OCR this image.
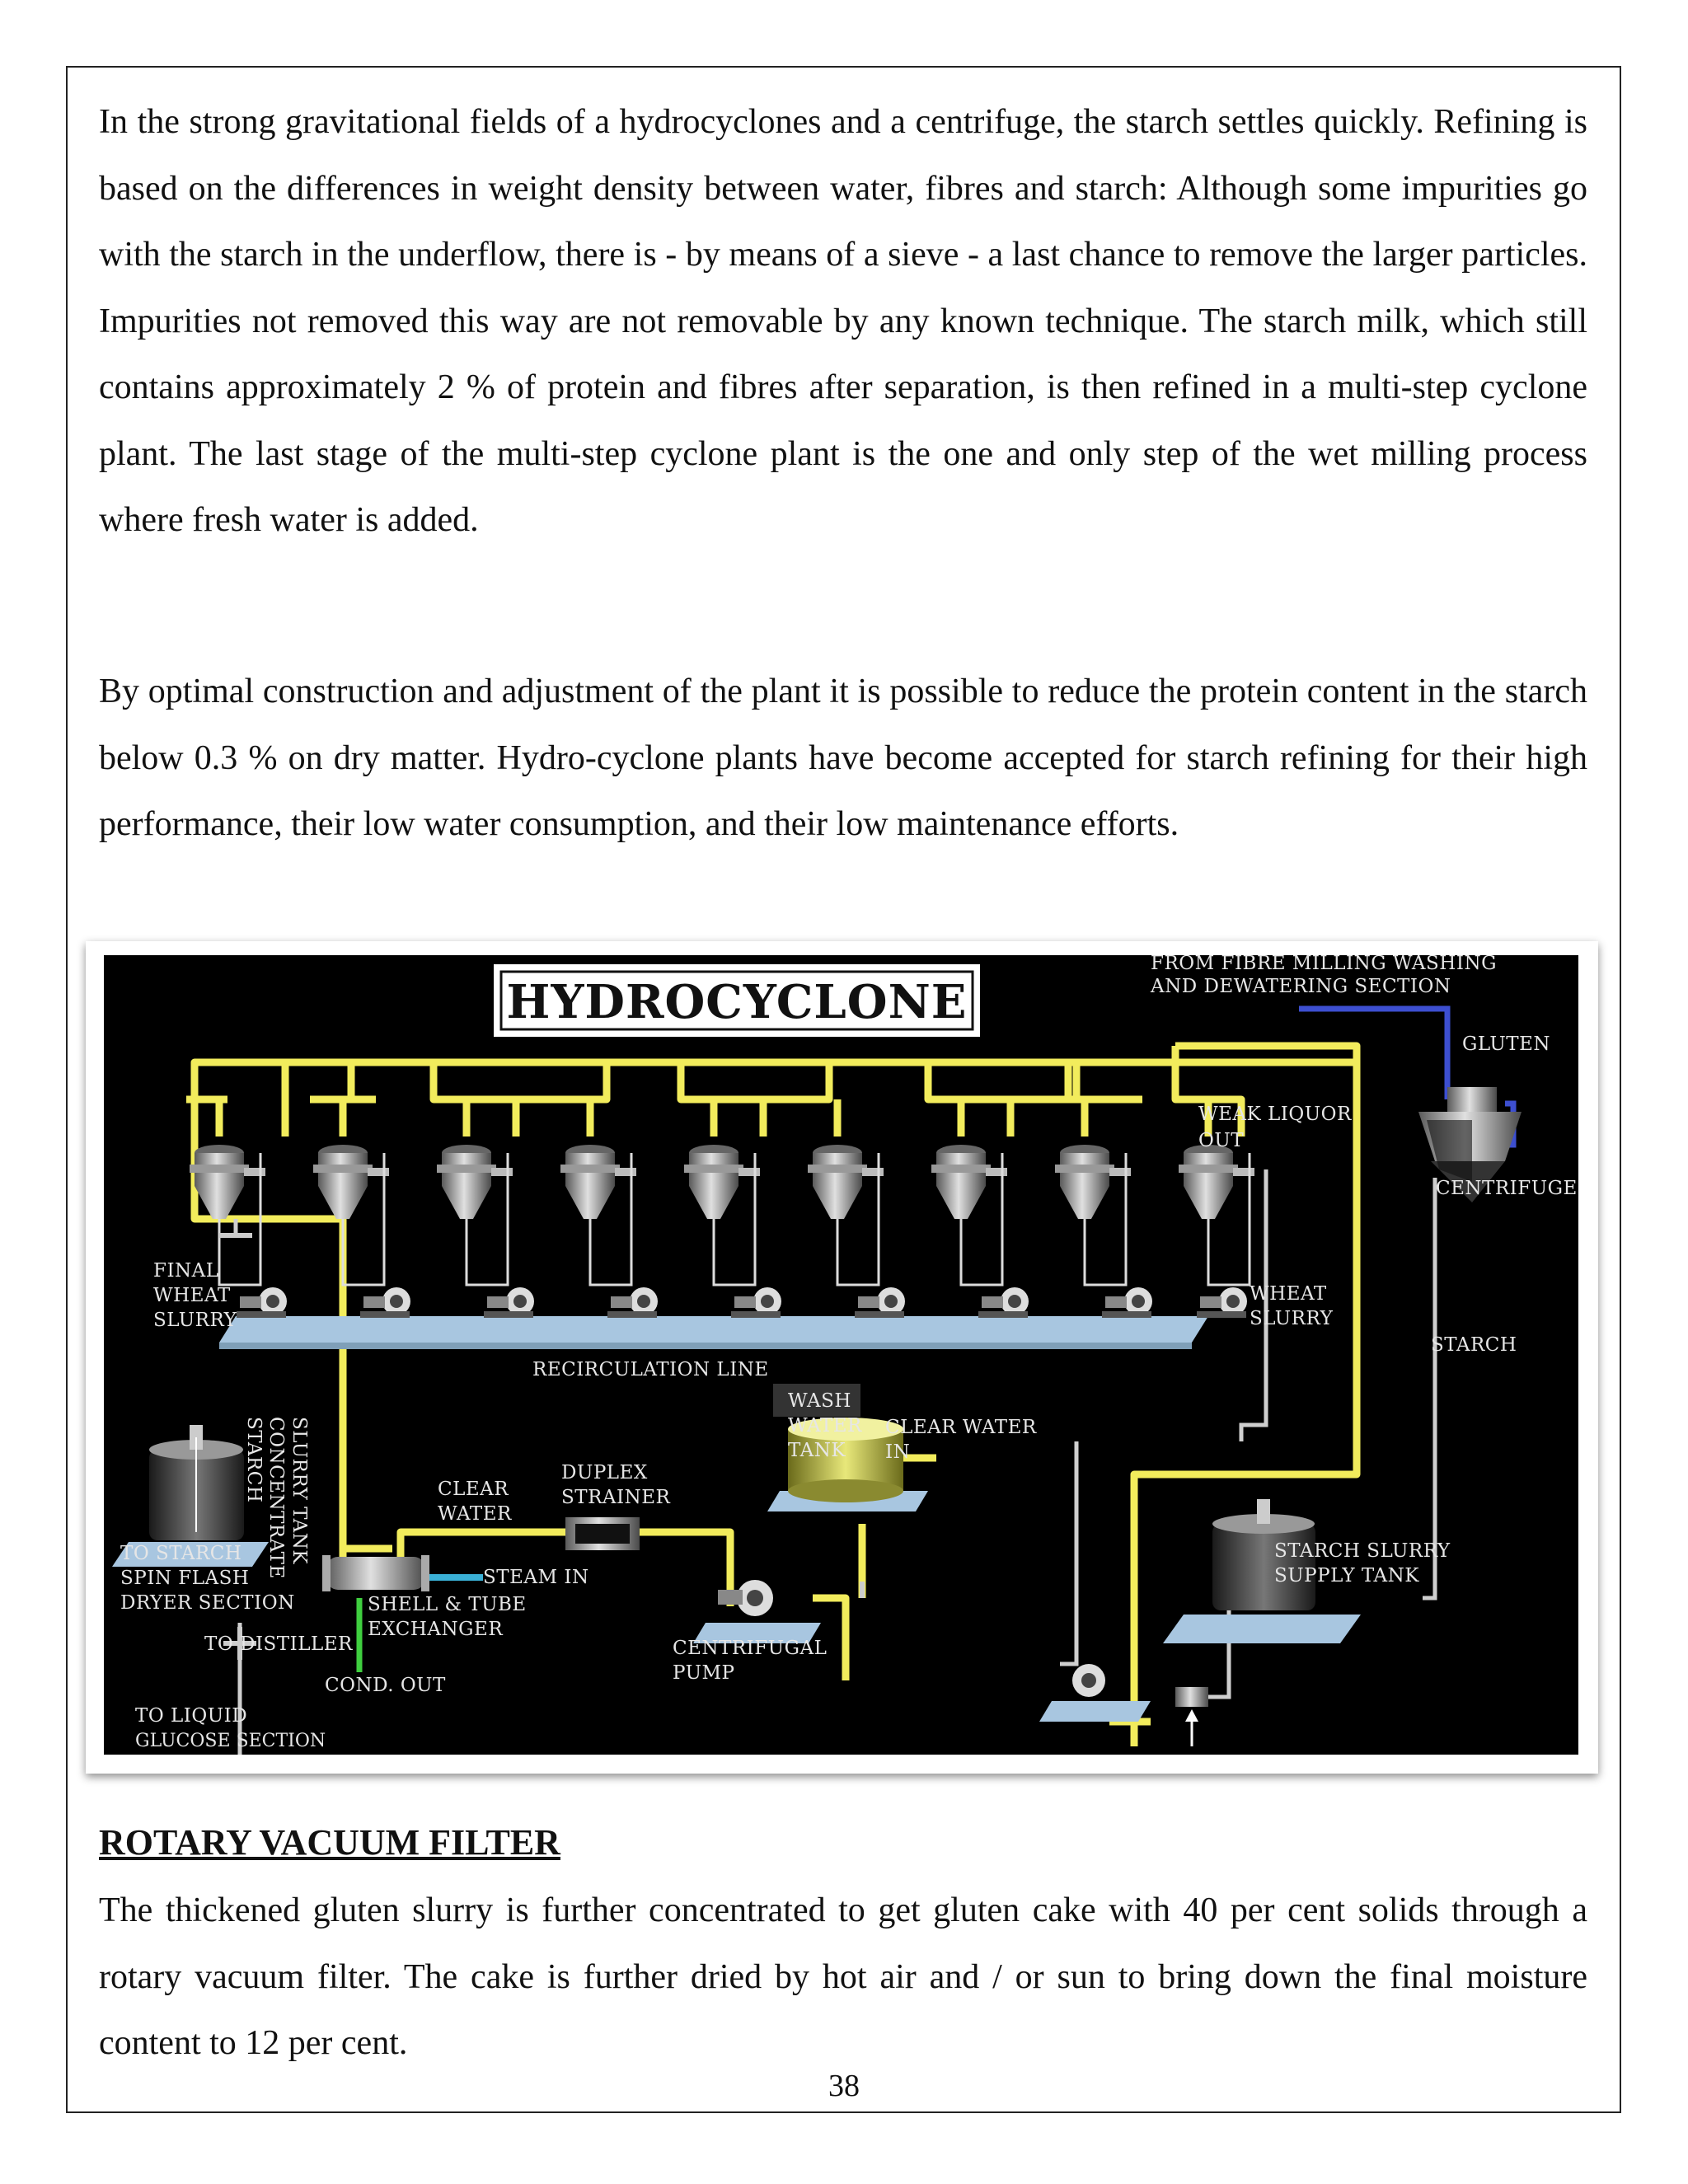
In the strong gravitational fields of a hydrocyclones and a centrifuge, the starch settles quickly. Refining is based on the differences in weight density between water, fibres and starch: Although some impurities go with the starch in the underflow, there is - by means of a sieve - a last chance to remove the larger particles. Impurities not removed this way are not removable by any known technique. The starch milk, which still contains approximately 2 % of protein and fibres after separation, is then refined in a multi-step cyclone plant. The last stage of the multi-step cyclone plant is the one and only step of the wet milling process where fresh water is added.

By optimal construction and adjustment of the plant it is possible to reduce the protein content in the starch below 0.3 % on dry matter. Hydro-cyclone plants have become accepted for starch refining for their high performance, their low water consumption, and their low maintenance efforts.

HYDROCYCLONE
FROM FIBRE MILLING WASHING
AND DEWATERING SECTION
GLUTEN
WEAK LIQUOR
OUT
CENTRIFUGE
FINAL
WHEAT
SLURRY
WHEAT
SLURRY
STARCH
RECIRCULATION LINE
CONCENTRATE
STARCH SLURRY TANK	CLEAR
WATER
DUPLEX
STRAINER
WASH
WATER
TANK
CLEAR WATER
IN
TO STARCH
SPIN FLASH
DRYER SECTION
STEAM IN
SHELL & TUBE
EXCHANGER
STARCH SLURRY
SUPPLY TANK
TO DISTILLER
COND. OUT
CENTRIFUGAL
PUMP
TO LIQUID
GLUCOSE SECTION
ROTARY VACUUM FILTER

The thickened gluten slurry is further concentrated to get gluten cake with 40 per cent solids through a rotary vacuum filter. The cake is further dried by hot air and / or sun to bring down the final moisture content to 12 per cent.

38
